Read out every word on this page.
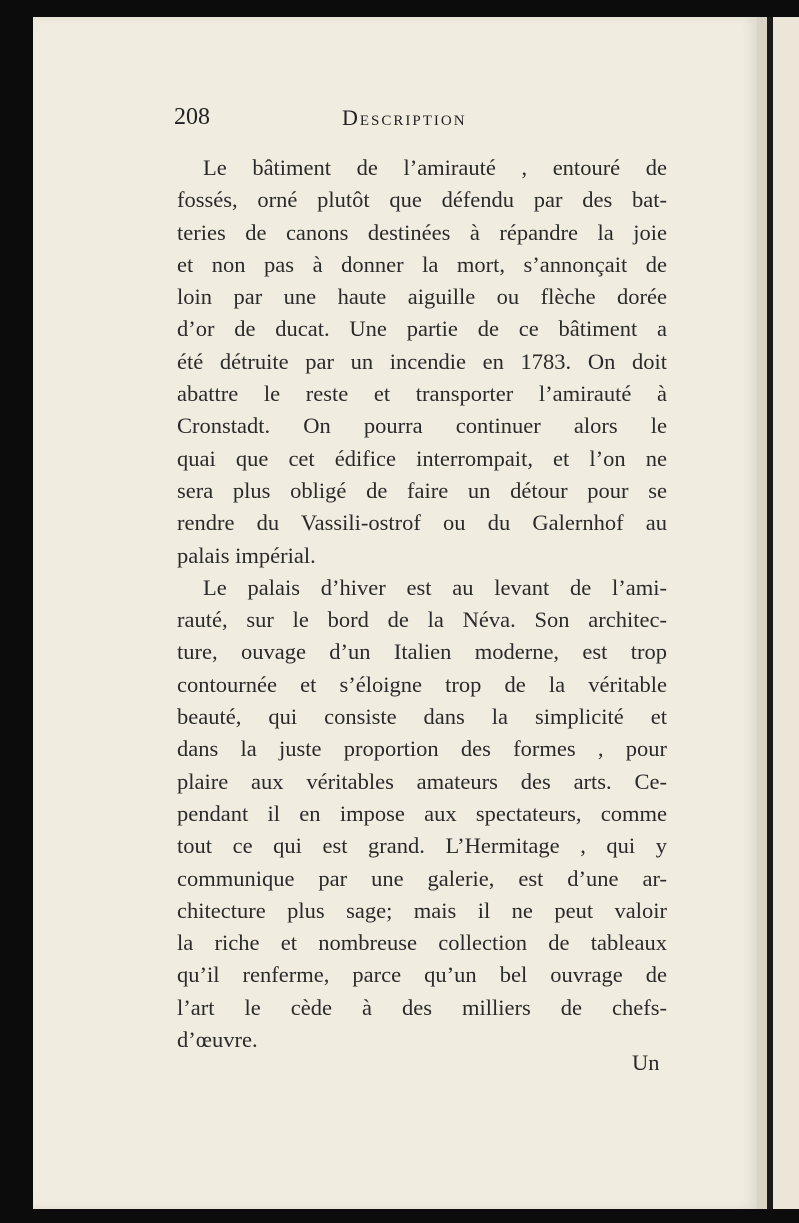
208	Description
Le bâtiment de l’amirauté , entouré de
fossés, orné plutôt que défendu par des bat-
teries de canons destinées à répandre la joie
et non pas à donner la mort, s’annonçait de
loin par une haute aiguille ou flèche dorée
d’or de ducat. Une partie de ce bâtiment a
été détruite par un incendie en 1783. On doit
abattre le reste et transporter l’amirauté à
Cronstadt. On pourra continuer alors le
quai que cet édifice interrompait, et l’on ne
sera plus obligé de faire un détour pour se
rendre du Vassili-ostrof ou du Galernhof au
palais impérial.
Le palais d’hiver est au levant de l’ami-
rauté, sur le bord de la Néva. Son architec-
ture, ouvage d’un Italien moderne, est trop
contournée et s’éloigne trop de la véritable
beauté, qui consiste dans la simplicité et
dans la juste proportion des formes , pour
plaire aux véritables amateurs des arts. Ce-
pendant il en impose aux spectateurs, comme
tout ce qui est grand. L’Hermitage , qui y
communique par une galerie, est d’une ar-
chitecture plus sage; mais il ne peut valoir
la riche et nombreuse collection de tableaux
qu’il renferme, parce qu’un bel ouvrage de
l’art le cède à des milliers de chefs-
d’œuvre.
Un
